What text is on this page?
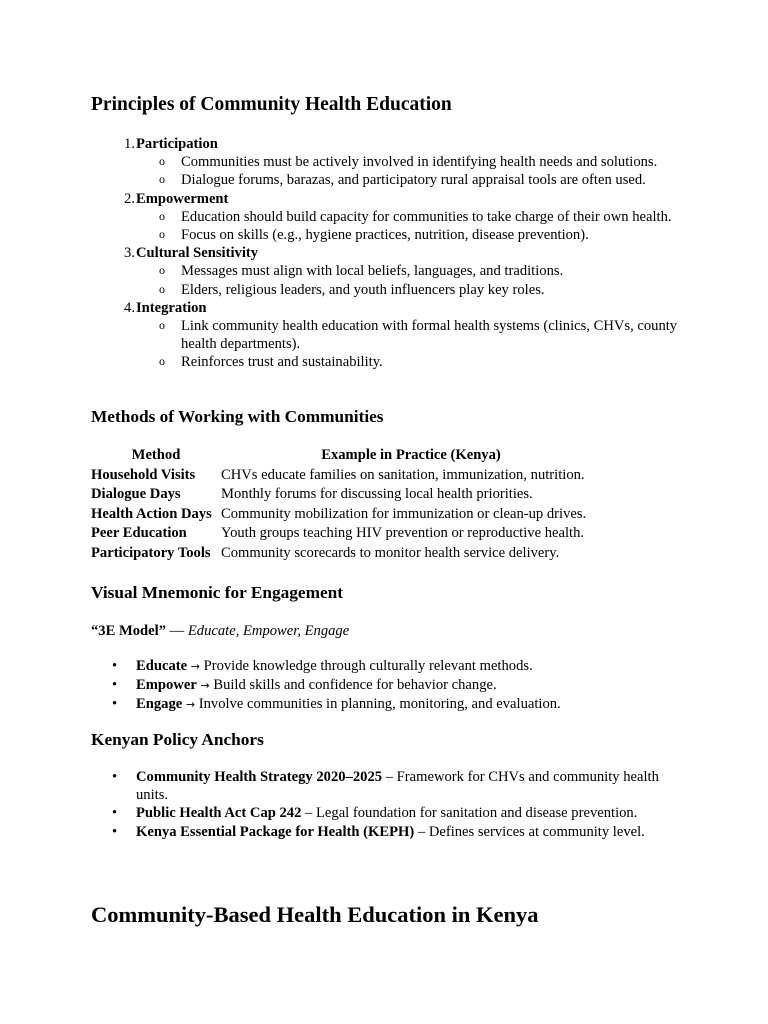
Principles of Community Health Education
1. Participation
o Communities must be actively involved in identifying health needs and solutions.
o Dialogue forums, barazas, and participatory rural appraisal tools are often used.
2. Empowerment
o Education should build capacity for communities to take charge of their own health.
o Focus on skills (e.g., hygiene practices, nutrition, disease prevention).
3. Cultural Sensitivity
o Messages must align with local beliefs, languages, and traditions.
o Elders, religious leaders, and youth influencers play key roles.
4. Integration
o Link community health education with formal health systems (clinics, CHVs, county health departments).
o Reinforces trust and sustainability.
Methods of Working with Communities
Method	Example in Practice (Kenya)
Household Visits	CHVs educate families on sanitation, immunization, nutrition.
Dialogue Days	Monthly forums for discussing local health priorities.
Health Action Days	Community mobilization for immunization or clean-up drives.
Peer Education	Youth groups teaching HIV prevention or reproductive health.
Participatory Tools	Community scorecards to monitor health service delivery.
Visual Mnemonic for Engagement
“3E Model” — Educate, Empower, Engage
• Educate → Provide knowledge through culturally relevant methods.
• Empower → Build skills and confidence for behavior change.
• Engage → Involve communities in planning, monitoring, and evaluation.
Kenyan Policy Anchors
• Community Health Strategy 2020–2025 – Framework for CHVs and community health units.
• Public Health Act Cap 242 – Legal foundation for sanitation and disease prevention.
• Kenya Essential Package for Health (KEPH) – Defines services at community level.
Community-Based Health Education in Kenya
